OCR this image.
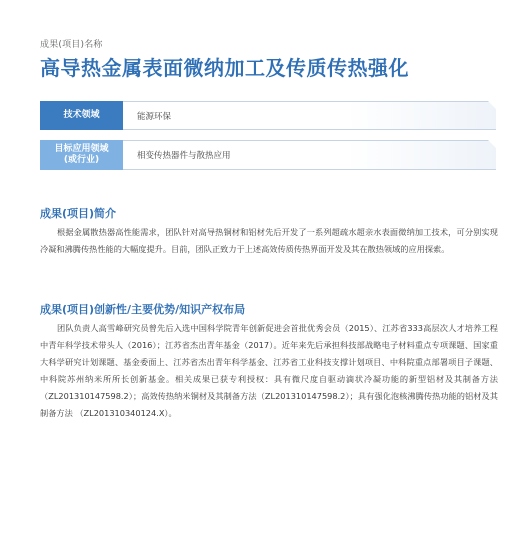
成果(项目)名称
高导热金属表面微纳加工及传质传热强化
技术领域	能源环保
目标应用领域
(或行业)	相变传热器件与散热应用
成果(项目)简介

根据金属散热器高性能需求，团队针对高导热铜材和铝材先后开发了一系列超疏水超亲水表面微纳加工技术，可分别实现冷凝和沸腾传热性能的大幅度提升。目前，团队正致力于上述高效传质传热界面开发及其在散热领域的应用探索。

成果(项目)创新性/主要优势/知识产权布局

团队负责人高雪峰研究员曾先后入选中国科学院青年创新促进会首批优秀会员（2015）、江苏省333高层次人才培养工程中青年科学技术带头人（2016）；江苏省杰出青年基金（2017）。近年来先后承担科技部战略电子材料重点专项课题、国家重大科学研究计划课题、基金委面上、江苏省杰出青年科学基金、江苏省工业科技支撑计划项目、中科院重点部署项目子课题、中科院苏州纳米所所长创新基金。相关成果已获专利授权：具有微尺度自驱动滴状冷凝功能的新型铝材及其制备方法（ZL201310147598.2）；高效传热纳米铜材及其制备方法（ZL201310147598.2）；具有强化泡核沸腾传热功能的铝材及其制备方法 （ZL201310340124.X）。
